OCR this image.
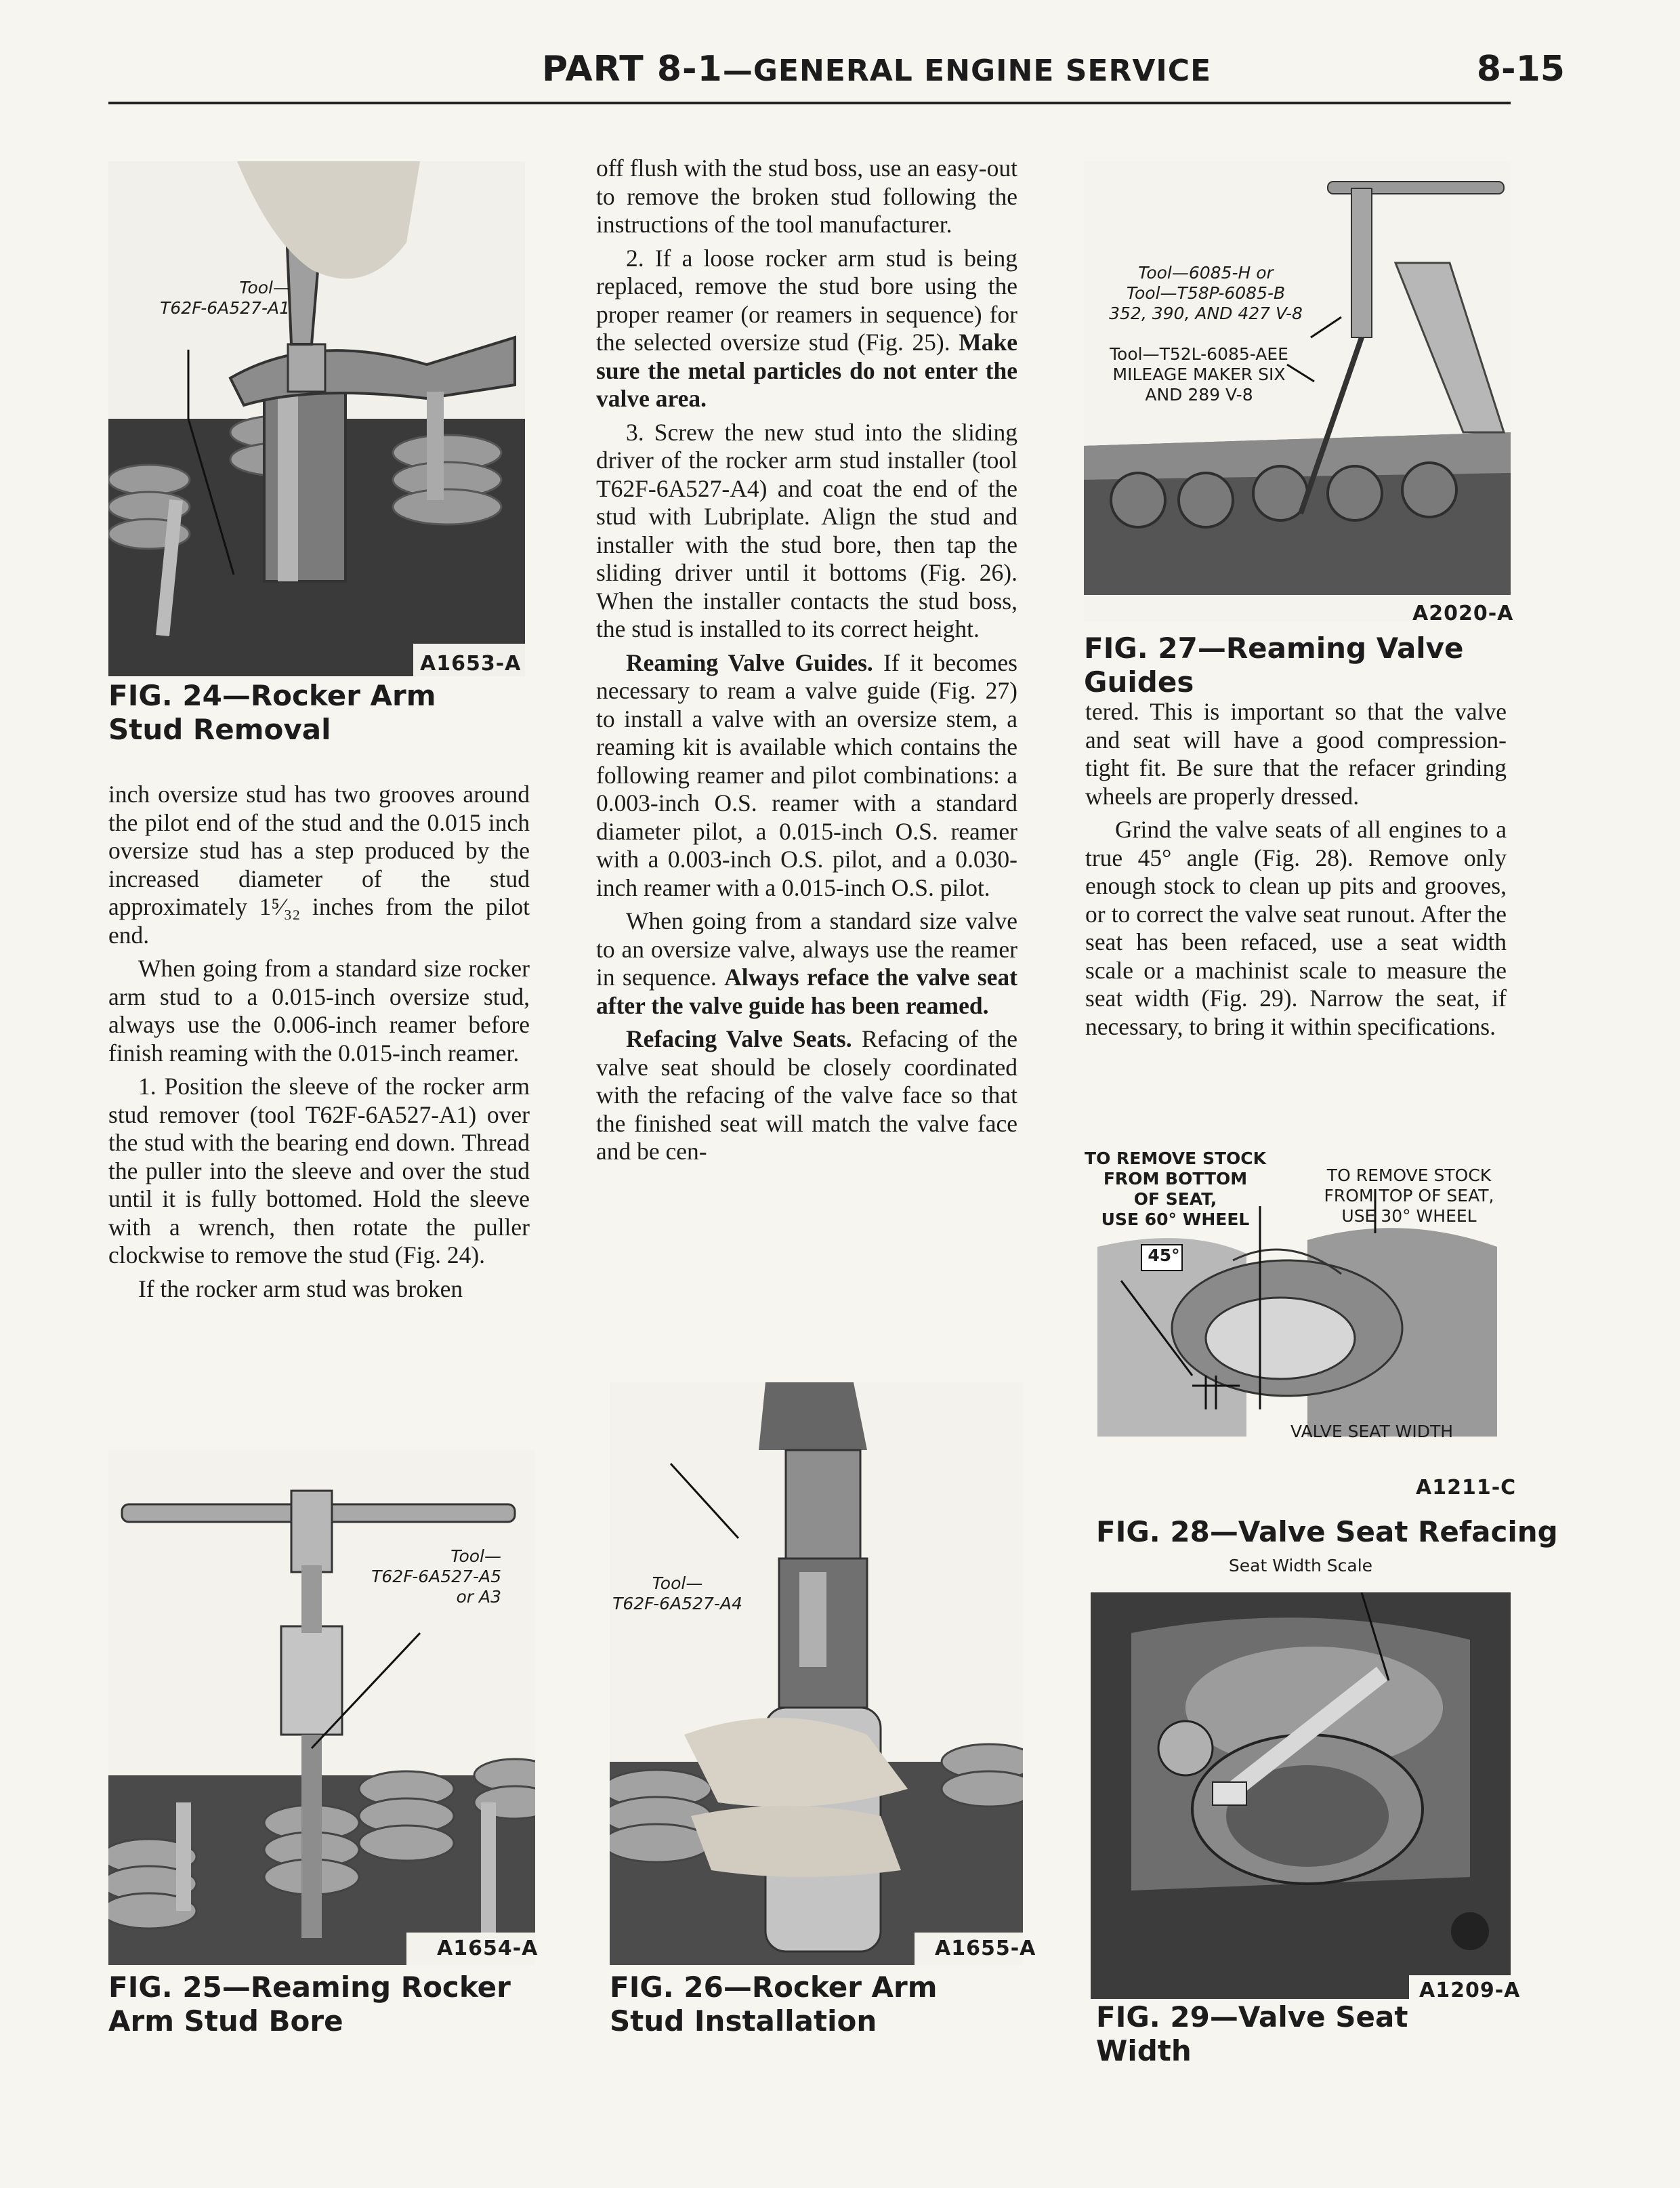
PART 8-1—GENERAL ENGINE SERVICE	8-15
Tool—
T62F-6A527-A1
A1653-A
FIG. 24—Rocker Arm Stud Removal

inch oversize stud has two grooves around the pilot end of the stud and the 0.015 inch oversize stud has a step produced by the increased diameter of the stud approximately 1⁵⁄₃₂ inches from the pilot end.

When going from a standard size rocker arm stud to a 0.015-inch oversize stud, always use the 0.006-inch reamer before finish reaming with the 0.015-inch reamer.

1. Position the sleeve of the rocker arm stud remover (tool T62F-6A527-A1) over the stud with the bearing end down. Thread the puller into the sleeve and over the stud until it is fully bottomed. Hold the sleeve with a wrench, then rotate the puller clockwise to remove the stud (Fig. 24).

If the rocker arm stud was broken

Tool—
T62F-6A527-A5
or A3
A1654-A
FIG. 25—Reaming Rocker Arm Stud Bore

off flush with the stud boss, use an easy-out to remove the broken stud following the instructions of the tool manufacturer.

2. If a loose rocker arm stud is being replaced, remove the stud bore using the proper reamer (or reamers in sequence) for the selected oversize stud (Fig. 25). Make sure the metal particles do not enter the valve area.

3. Screw the new stud into the sliding driver of the rocker arm stud installer (tool T62F-6A527-A4) and coat the end of the stud with Lubriplate. Align the stud and installer with the stud bore, then tap the sliding driver until it bottoms (Fig. 26). When the installer contacts the stud boss, the stud is installed to its correct height.

Reaming Valve Guides. If it becomes necessary to ream a valve guide (Fig. 27) to install a valve with an oversize stem, a reaming kit is available which contains the following reamer and pilot combinations: a 0.003-inch O.S. reamer with a standard diameter pilot, a 0.015-inch O.S. reamer with a 0.003-inch O.S. pilot, and a 0.030-inch reamer with a 0.015-inch O.S. pilot.

When going from a standard size valve to an oversize valve, always use the reamer in sequence. Always reface the valve seat after the valve guide has been reamed.

Refacing Valve Seats. Refacing of the valve seat should be closely coordinated with the refacing of the valve face so that the finished seat will match the valve face and be cen-

Tool—
T62F-6A527-A4
A1655-A
FIG. 26—Rocker Arm Stud Installation
Tool—6085-H or
Tool—T58P-6085-B
352, 390, AND 427 V-8
Tool—T52L-6085-AEE
MILEAGE MAKER SIX
AND 289 V-8
A2020-A
FIG. 27—Reaming Valve Guides

tered. This is important so that the valve and seat will have a good compression-tight fit. Be sure that the refacer grinding wheels are properly dressed.

Grind the valve seats of all engines to a true 45° angle (Fig. 28). Remove only enough stock to clean up pits and grooves, or to correct the valve seat runout. After the seat has been refaced, use a seat width scale or a machinist scale to measure the seat width (Fig. 29). Narrow the seat, if necessary, to bring it within specifications.

TO REMOVE STOCK
FROM BOTTOM
OF SEAT,
USE 60° WHEEL
TO REMOVE STOCK
FROM TOP OF SEAT,
USE 30° WHEEL
45°
VALVE SEAT WIDTH
A1211-C
FIG. 28—Valve Seat Refacing
Seat Width Scale
A1209-A
FIG. 29—Valve Seat Width
